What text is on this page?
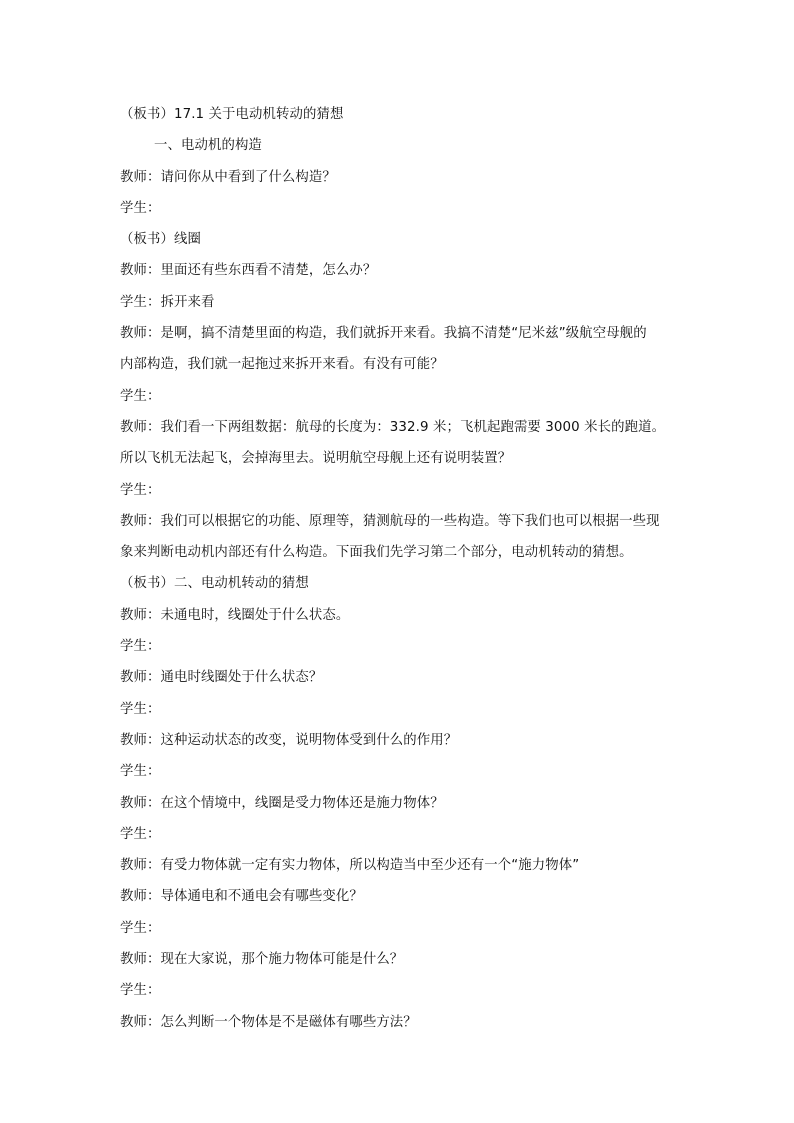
（板书）17.1 关于电动机转动的猜想
一、电动机的构造
教师：请问你从中看到了什么构造？
学生：
（板书）线圈
教师：里面还有些东西看不清楚，怎么办？
学生：拆开来看
教师：是啊，搞不清楚里面的构造，我们就拆开来看。我搞不清楚“尼米兹”级航空母舰的
内部构造，我们就一起拖过来拆开来看。有没有可能？
学生：
教师：我们看一下两组数据：航母的长度为：332.9 米；飞机起跑需要 3000 米长的跑道。
所以飞机无法起飞，会掉海里去。说明航空母舰上还有说明装置？
学生：
教师：我们可以根据它的功能、原理等，猜测航母的一些构造。等下我们也可以根据一些现
象来判断电动机内部还有什么构造。下面我们先学习第二个部分，电动机转动的猜想。
（板书）二、电动机转动的猜想
教师：未通电时，线圈处于什么状态。
学生：
教师：通电时线圈处于什么状态？
学生：
教师：这种运动状态的改变，说明物体受到什么的作用？
学生：
教师：在这个情境中，线圈是受力物体还是施力物体？
学生：
教师：有受力物体就一定有实力物体，所以构造当中至少还有一个“施力物体”
教师：导体通电和不通电会有哪些变化？
学生：
教师：现在大家说，那个施力物体可能是什么？
学生：
教师：怎么判断一个物体是不是磁体有哪些方法？
